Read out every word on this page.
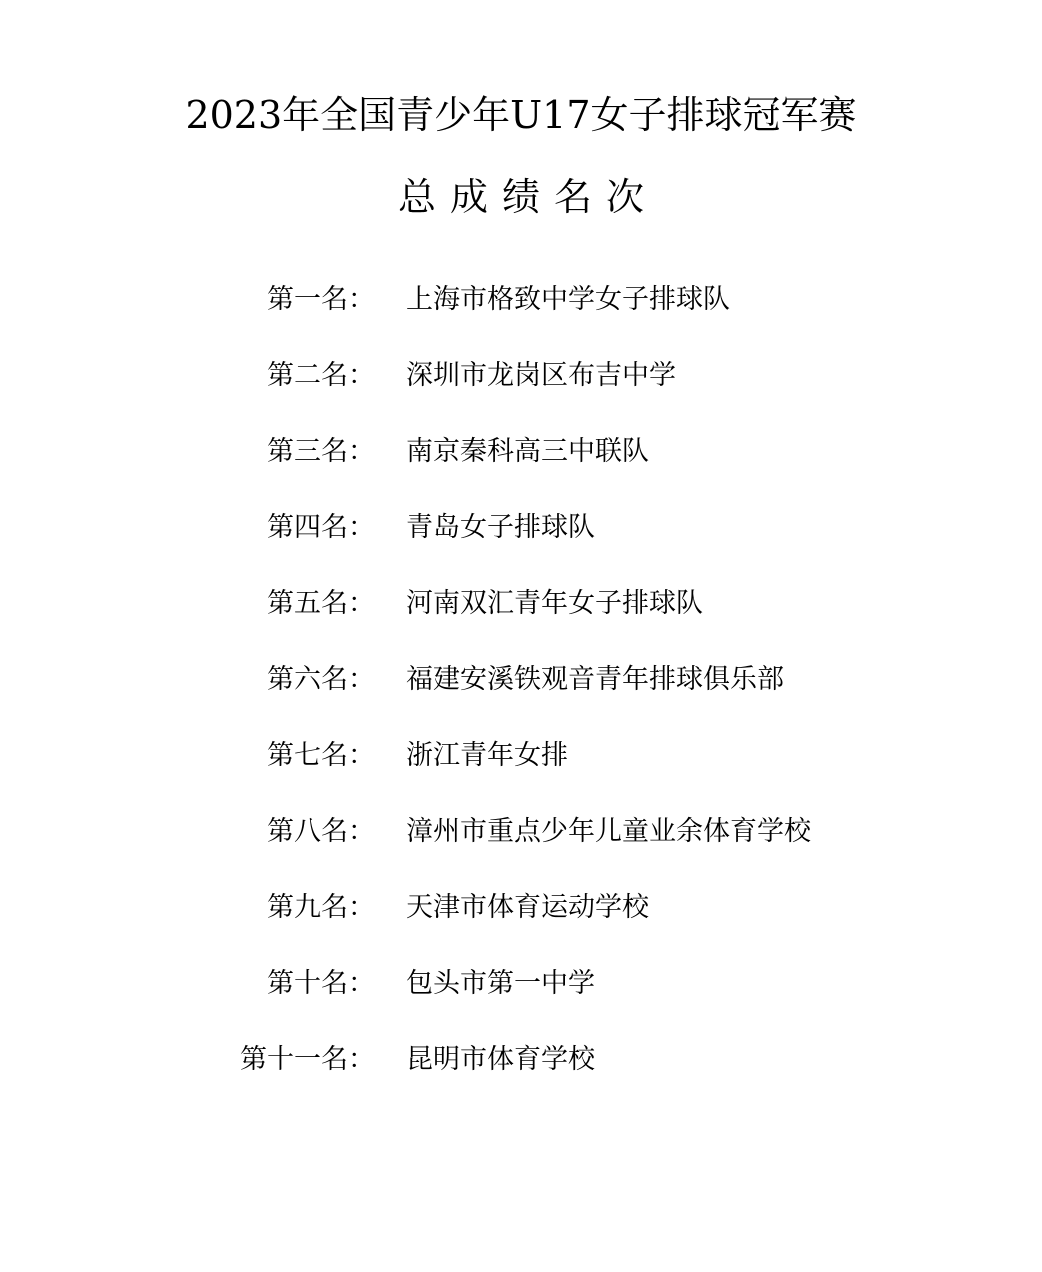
2023年全国青少年U17女子排球冠军赛
总成绩名次
第一名： 上海市格致中学女子排球队
第二名： 深圳市龙岗区布吉中学
第三名： 南京秦科高三中联队
第四名： 青岛女子排球队
第五名： 河南双汇青年女子排球队
第六名： 福建安溪铁观音青年排球俱乐部
第七名： 浙江青年女排
第八名： 漳州市重点少年儿童业余体育学校
第九名： 天津市体育运动学校
第十名： 包头市第一中学
第十一名： 昆明市体育学校
